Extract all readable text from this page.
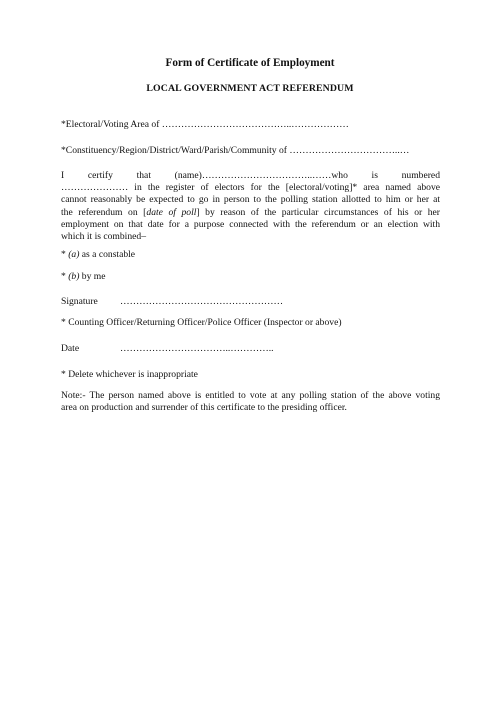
Form of Certificate of Employment
LOCAL GOVERNMENT ACT REFERENDUM
*Electoral/Voting Area of …………………………………..………………
*Constituency/Region/District/Ward/Parish/Community of ……………………………..…
I certify that (name)……………………………..……who is numbered
………………… in the register of electors for the [electoral/voting]* area named above
cannot reasonably be expected to go in person to the polling station allotted to him or her at
the referendum on [date of poll] by reason of the particular circumstances of his or her
employment on that date for a purpose connected with the referendum or an election with
which it is combined–
* (a) as a constable
* (b) by me
Signature ……………………………………………
* Counting Officer/Returning Officer/Police Officer (Inspector or above)
Date	……………………………..…………..
* Delete whichever is inappropriate
Note:- The person named above is entitled to vote at any polling station of the above voting
area on production and surrender of this certificate to the presiding officer.
